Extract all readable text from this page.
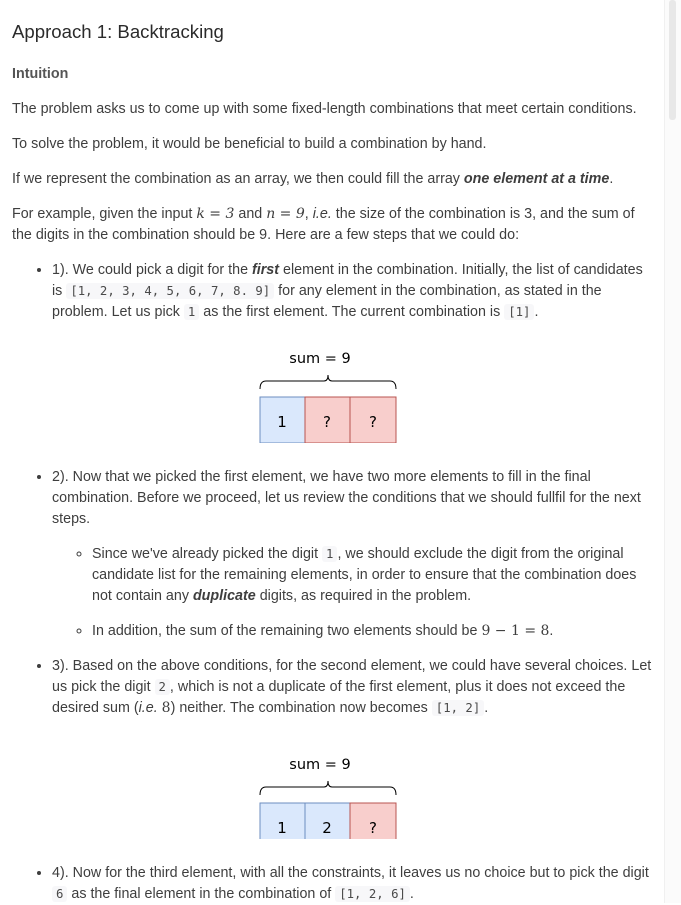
Approach 1: Backtracking
Intuition

The problem asks us to come up with some fixed-length combinations that meet certain conditions.

To solve the problem, it would be beneficial to build a combination by hand.

If we represent the combination as an array, we then could fill the array one element at a time.

For example, given the input k = 3 and n = 9, i.e. the size of the combination is 3, and the sum of the digits in the combination should be 9. Here are a few steps that we could do:

• 1). We could pick a digit for the first element in the combination. Initially, the list of candidates is [1, 2, 3, 4, 5, 6, 7, 8. 9] for any element in the combination, as stated in the problem. Let us pick 1 as the first element. The current combination is [1] .
sum = 9
1 ?	?
• 2). Now that we picked the first element, we have two more elements to fill in the final combination. Before we proceed, let us review the conditions that we should fullfil for the next steps.
◦ Since we've already picked the digit 1 , we should exclude the digit from the original candidate list for the remaining elements, in order to ensure that the combination does not contain any duplicate digits, as required in the problem.
◦ In addition, the sum of the remaining two elements should be 9 − 1 = 8.
• 3). Based on the above conditions, for the second element, we could have several choices. Let us pick the digit 2 , which is not a duplicate of the first element, plus it does not exceed the desired sum (i.e. 8) neither. The combination now becomes [1, 2] .
sum = 9
1 2 ?
• 4). Now for the third element, with all the constraints, it leaves us no choice but to pick the digit 6 as the final element in the combination of [1, 2, 6] .
